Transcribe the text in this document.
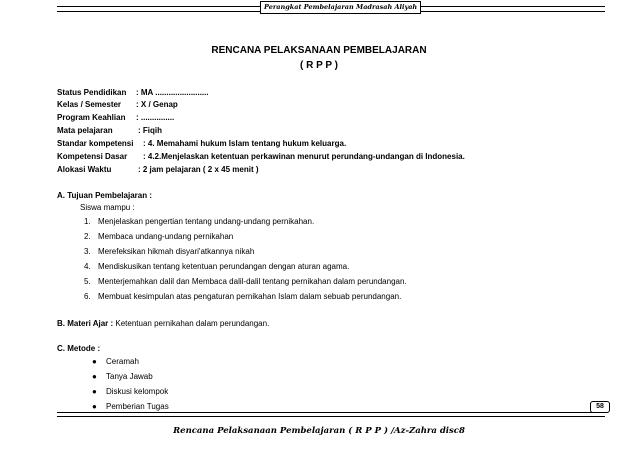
Perangkat Pembelajaran Madrasah Aliyah
RENCANA PELAKSANAAN PEMBELAJARAN
( R P P )
Status Pendidikan : MA ........................
Kelas / Semester : X / Genap
Program Keahlian : ...............
Mata pelajaran	: Fiqih
Standar kompetensi : 4. Memahami hukum Islam tentang hukum keluarga.
Kompetensi Dasar : 4.2.Menjelaskan ketentuan perkawinan menurut perundang-undangan di Indonesia.
Alokasi Waktu	: 2 jam pelajaran ( 2 x 45 menit )
A. Tujuan Pembelajaran :
Siswa mampu :
1. Menjelaskan pengertian tentang undang-undang pernikahan.
2. Membaca undang-undang pernikahan
3. Merefeksikan hikmah disyari'atkannya nikah
4. Mendiskusikan tentang ketentuan perundangan dengan aturan agama.
5. Menterjemahkan dalil dan Membaca dalil-dalil tentang pernikahan dalam perundangan.
6. Membuat kesimpulan atas pengaturan pernikahan Islam dalam sebuab perundangan.
B. Materi Ajar : Ketentuan pernikahan dalam perundangan.
C. Metode :
● Ceramah
● Tanya Jawab
● Diskusi kelompok
● Pemberian Tugas	58
Rencana Pelaksanaan Pembelajaran ( R P P ) /Az-Zahra disc8
